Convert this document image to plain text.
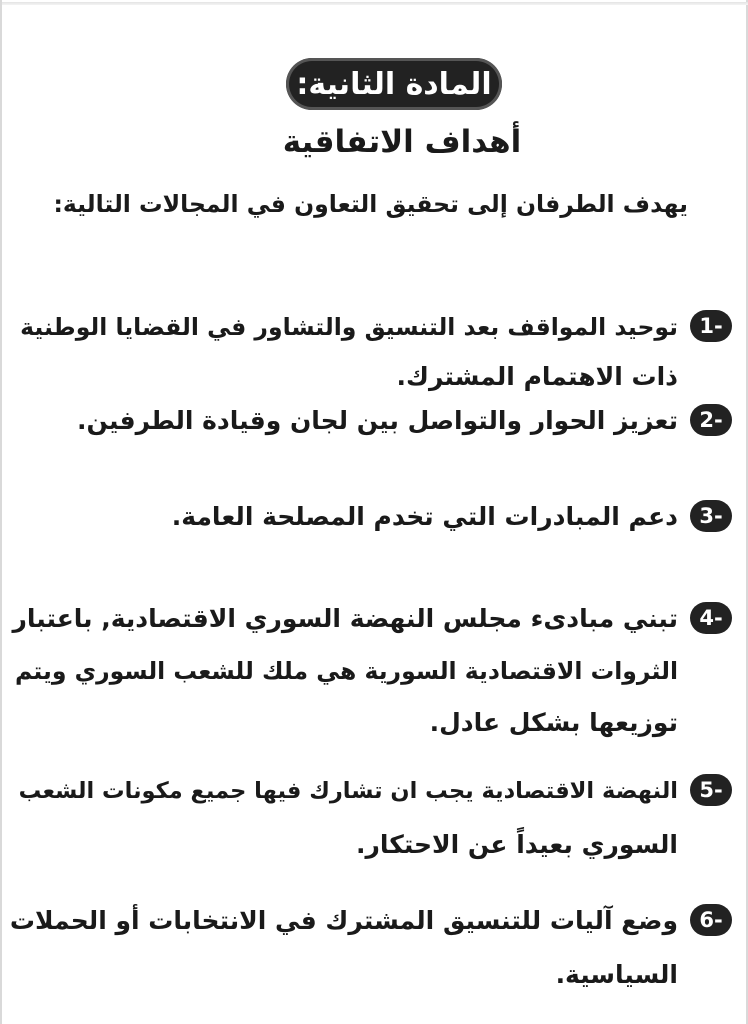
المادة الثانية:
أهداف الاتفاقية
يهدف الطرفان إلى تحقيق التعاون في المجالات التالية:
1-
توحيد المواقف بعد التنسيق والتشاور في القضايا الوطنية
ذات الاهتمام المشترك.
2-
تعزيز الحوار والتواصل بين لجان وقيادة الطرفين.
3-
دعم المبادرات التي تخدم المصلحة العامة.
4-
تبني مبادىء مجلس النهضة السوري الاقتصادية, باعتبار
الثروات الاقتصادية السورية هي ملك للشعب السوري ويتم
توزيعها بشكل عادل.
5-
النهضة الاقتصادية يجب ان تشارك فيها جميع مكونات الشعب
السوري بعيداً عن الاحتكار.
6-
وضع آليات للتنسيق المشترك في الانتخابات أو الحملات
السياسية.
